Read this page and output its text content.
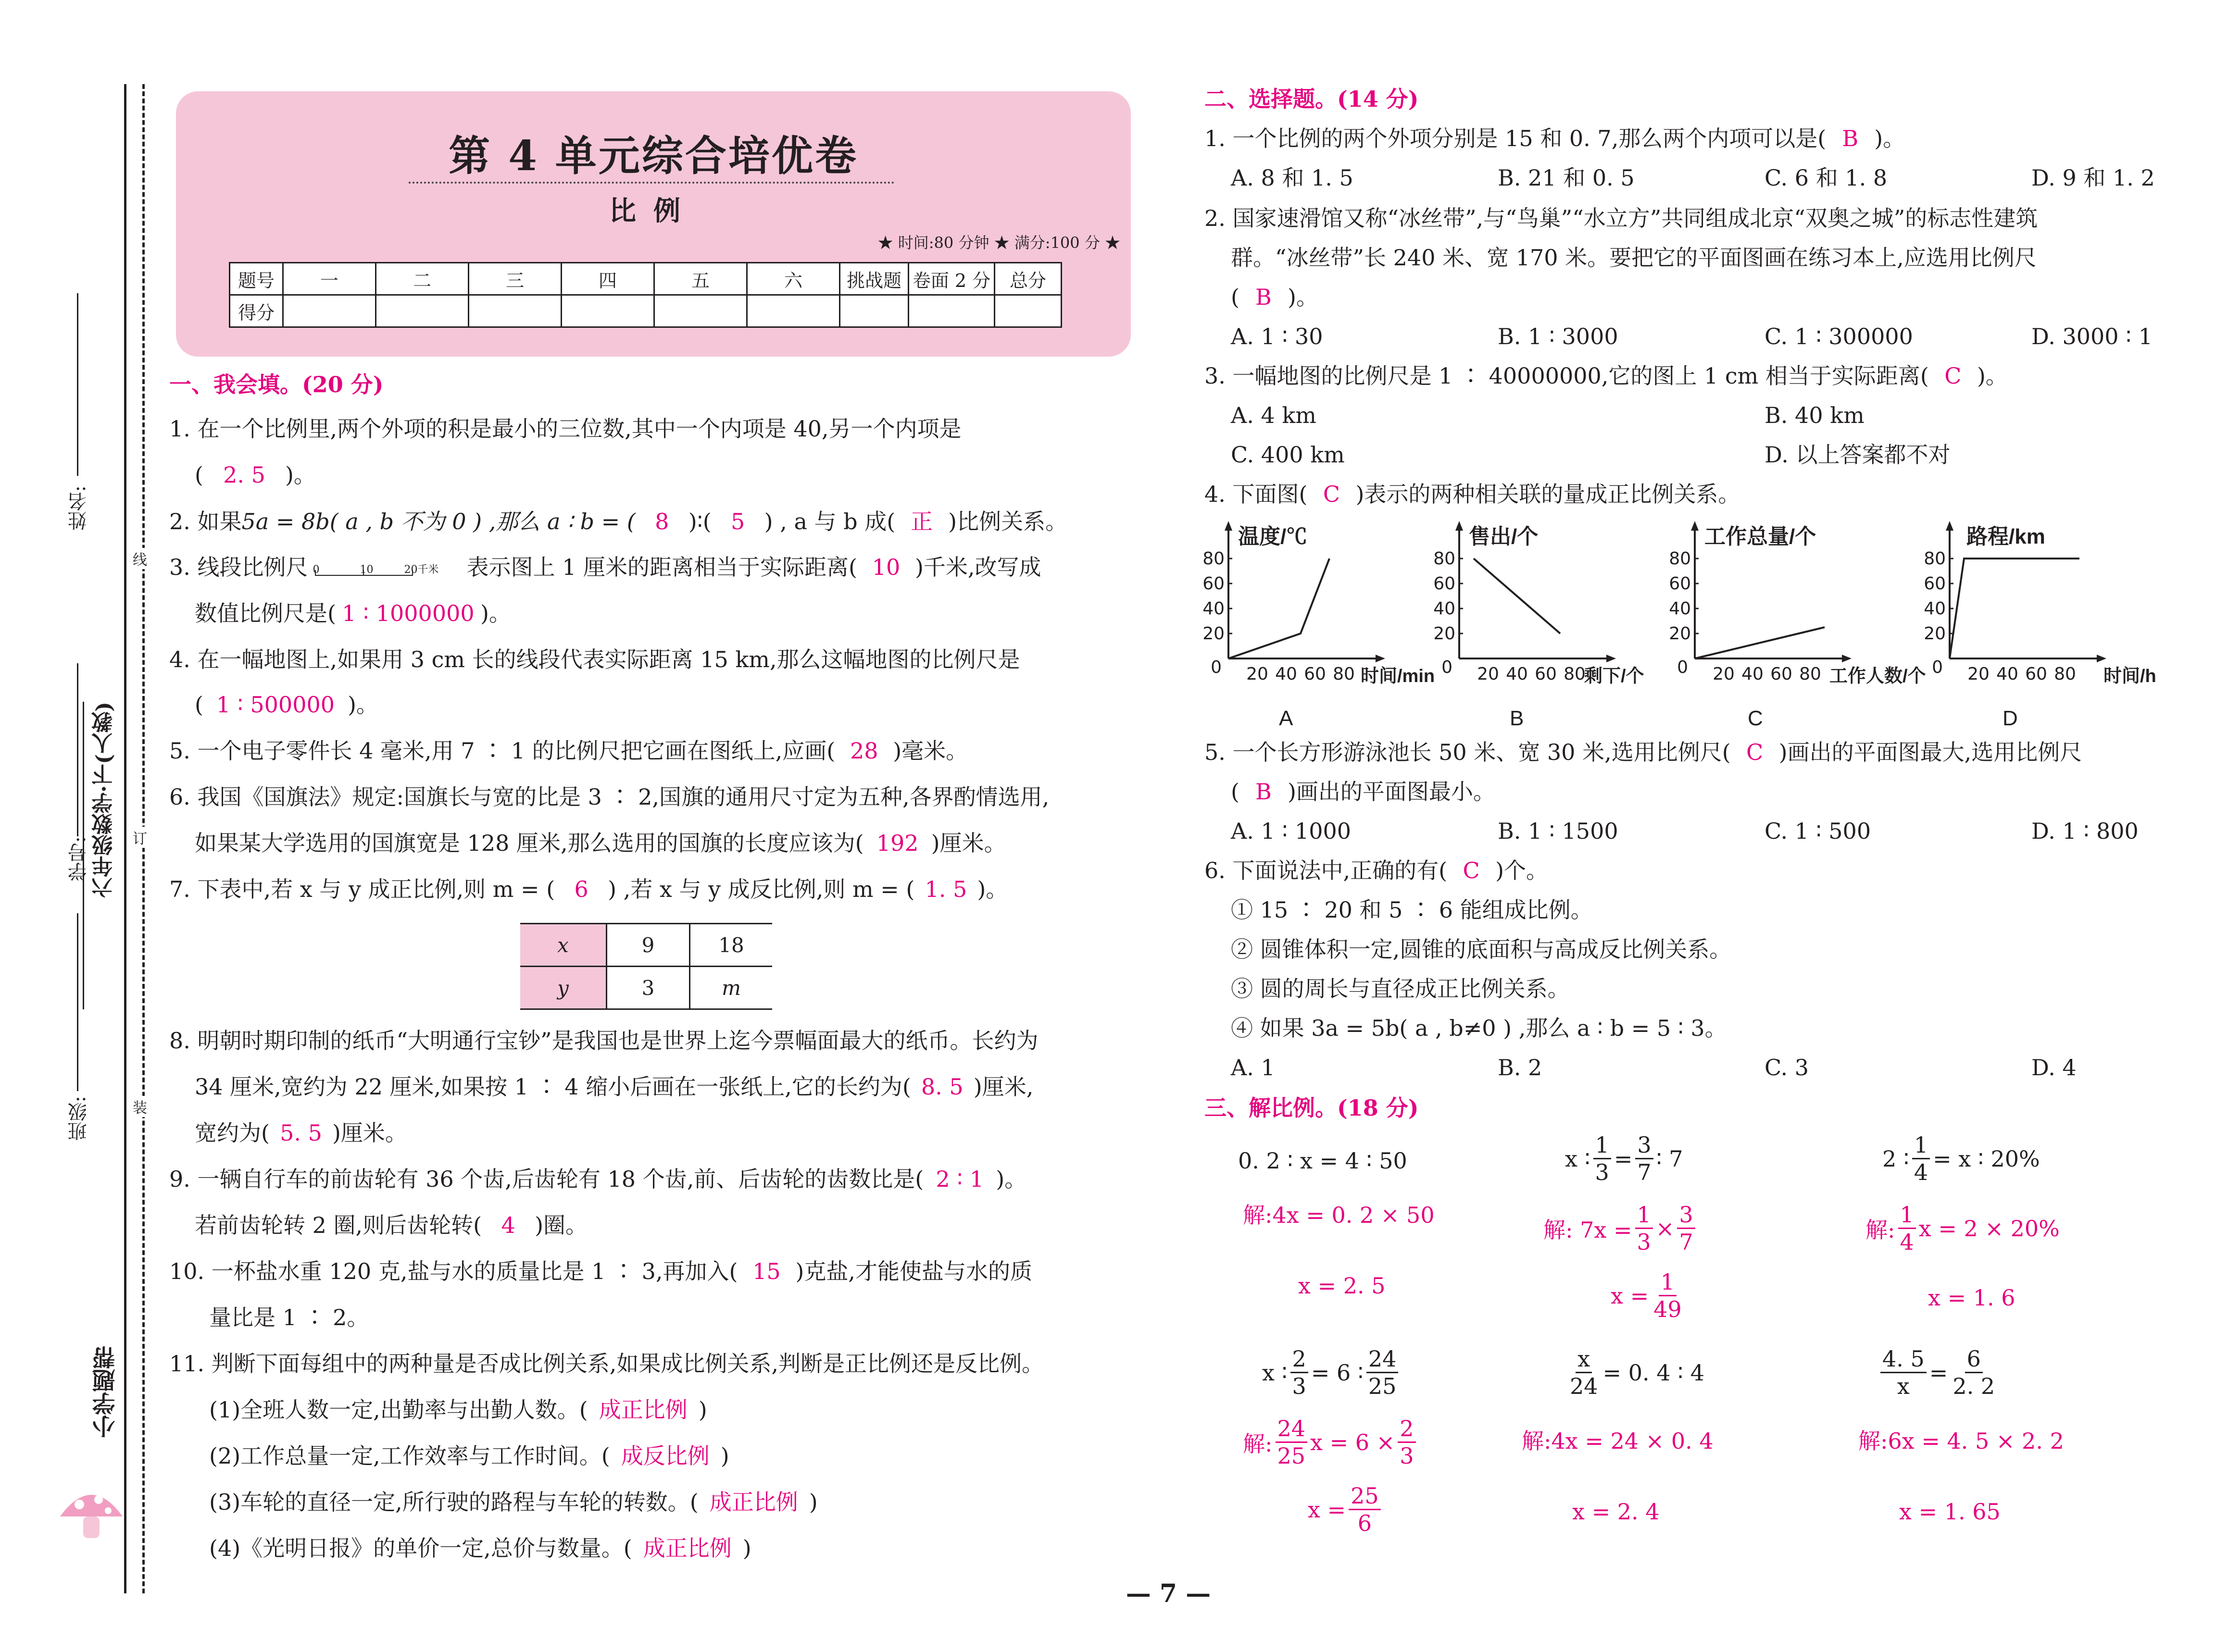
姓名:
学号:
班级:
六年级数学·下(人教)
小学题帮
线
订
装
第 4 单元综合培优卷
比例
★ 时间:80 分钟 ★ 满分:100 分 ★
题号	一	二	三	四	五	六	挑战题	卷面 2 分	总分
得分									
一、我会填。(20 分)
1. 在一个比例里,两个外项的积是最小的三位数,其中一个内项是 40,另一个内项是
( 2. 5 )。
2. 如果5a = 8b( a , b 不为 0 ) ,那么 a ∶ b = ( 8 )∶( 5 ) , a 与 b 成( 正 )比例关系。
3. 线段比例尺 0	10	20千米 表示图上 1 厘米的距离相当于实际距离( 10 )千米,改写成
数值比例尺是( 1 ∶ 1000000 )。
4. 在一幅地图上,如果用 3 cm 长的线段代表实际距离 15 km,那么这幅地图的比例尺是
( 1 ∶ 500000 )。
5. 一个电子零件长 4 毫米,用 7 ∶ 1 的比例尺把它画在图纸上,应画( 28 )毫米。
6. 我国《国旗法》规定:国旗长与宽的比是 3 ∶ 2,国旗的通用尺寸定为五种,各界酌情选用,
如果某大学选用的国旗宽是 128 厘米,那么选用的国旗的长度应该为( 192 )厘米。
7. 下表中,若 x 与 y 成正比例,则 m = ( 6 ) ,若 x 与 y 成反比例,则 m = ( 1. 5 )。
x	9	18
y	3	m
8. 明朝时期印制的纸币“大明通行宝钞”是我国也是世界上迄今票幅面最大的纸币。长约为
34 厘米,宽约为 22 厘米,如果按 1 ∶ 4 缩小后画在一张纸上,它的长约为( 8. 5 )厘米,
宽约为( 5. 5 )厘米。
9. 一辆自行车的前齿轮有 36 个齿,后齿轮有 18 个齿,前、后齿轮的齿数比是( 2 ∶ 1 )。
若前齿轮转 2 圈,则后齿轮转( 4 )圈。
10. 一杯盐水重 120 克,盐与水的质量比是 1 ∶ 3,再加入( 15 )克盐,才能使盐与水的质
量比是 1 ∶ 2。
11. 判断下面每组中的两种量是否成比例关系,如果成比例关系,判断是正比例还是反比例。
(1)全班人数一定,出勤率与出勤人数。( 成正比例 )
(2)工作总量一定,工作效率与工作时间。( 成反比例 )
(3)车轮的直径一定,所行驶的路程与车轮的转数。( 成正比例 )
(4)《光明日报》的单价一定,总价与数量。( 成正比例 )
二、选择题。(14 分)
1. 一个比例的两个外项分别是 15 和 0. 7,那么两个内项可以是( B )。
A. 8 和 1. 5	B. 21 和 0. 5	C. 6 和 1. 8	D. 9 和 1. 2
2. 国家速滑馆又称“冰丝带”,与“鸟巢”“水立方”共同组成北京“双奥之城”的标志性建筑
群。“冰丝带”长 240 米、宽 170 米。要把它的平面图画在练习本上,应选用比例尺
( B )。
A. 1 ∶ 30	B. 1 ∶ 3000	C. 1 ∶ 300000	D. 3000 ∶ 1
3. 一幅地图的比例尺是 1 ∶ 40000000,它的图上 1 cm 相当于实际距离( C )。
A. 4 km	B. 40 km
C. 400 km	D. 以上答案都不对
4. 下面图( C )表示的两种相关联的量成正比例关系。
80
60
40
20
20 40 60 80
0
温度/℃
时间/min
A
80
60
40
20
20 40 60 80
0
售出/个
剩下/个
B
80
60
40
20
20 40 60 80
0
工作总量/个
工作人数/个
C
80
60
40
20
20 40 60 80
0
路程/km
时间/h
D
5. 一个长方形游泳池长 50 米、宽 30 米,选用比例尺( C )画出的平面图最大,选用比例尺
( B )画出的平面图最小。
A. 1 ∶ 1000	B. 1 ∶ 1500	C. 1 ∶ 500	D. 1 ∶ 800
6. 下面说法中,正确的有( C )个。
① 15 ∶ 20 和 5 ∶ 6 能组成比例。
② 圆锥体积一定,圆锥的底面积与高成反比例关系。
③ 圆的周长与直径成正比例关系。
④ 如果 3a = 5b( a , b≠0 ) ,那么 a ∶ b = 5 ∶ 3。
A. 1	B. 2	C. 3	D. 4
三、解比例。(18 分)
0. 2 ∶ x = 4 ∶ 50
解:4x = 0. 2 × 50
x = 2. 5
x ∶ $\frac{1}{3} = \frac{3}{7}$ ∶ 7
解: $7x = \frac{1}{3} \times \frac{3}{7}$
$x = \frac{1}{49}$
2 ∶ $\frac{1}{4} = x$ ∶ 20%
解:
1
4
x = 2 × 20%
x = 1. 6
x ∶ $\frac{2}{3} = 6$ ∶
24
25
解:
24
25
$x = 6 \times \frac{2}{3}$
$x = \frac{25}{6}$
$\frac{x}{24} = 0$. 4 ∶ 4
解:4x = 24 × 0. 4
x = 2. 4
$\frac{4. 5}{x} = \frac{6}{2. 2}$
解:6x = 4. 5 × 2. 2
x = 1. 65
— 7 —
